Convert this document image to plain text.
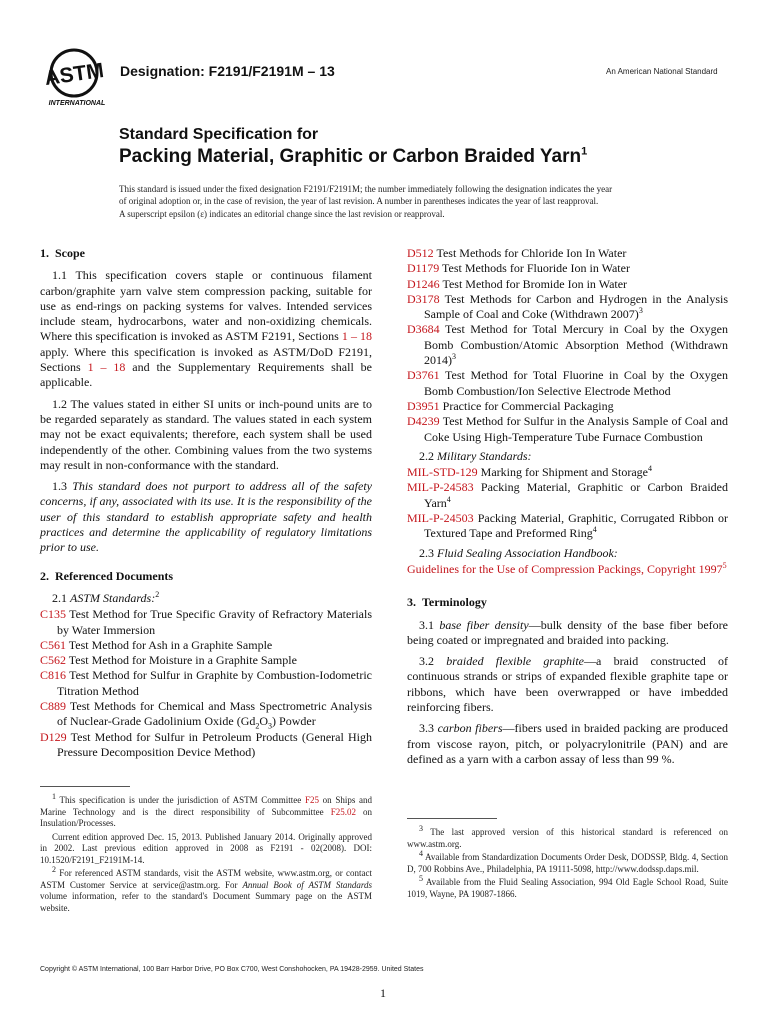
ASTM
INTERNATIONAL
Designation: F2191/F2191M – 13	An American National Standard
Standard Specification for
Packing Material, Graphitic or Carbon Braided Yarn$^1$
This standard is issued under the fixed designation F2191/F2191M; the number immediately following the designation indicates the year
of original adoption or, in the case of revision, the year of last revision. A number in parentheses indicates the year of last reapproval.
A superscript epsilon (ε) indicates an editorial change since the last revision or reapproval.
1. Scope

1.1 This specification covers staple or continuous filament carbon/graphite yarn valve stem compression packing, suitable for use as end-rings on packing systems for valves. Intended services include steam, hydrocarbons, water and non-oxidizing chemicals. Where this specification is invoked as ASTM F2191, Sections 1 – 18 apply. Where this specification is invoked as ASTM/DoD F2191, Sections 1 – 18 and the Supplementary Requirements shall be applicable.

1.2 The values stated in either SI units or inch-pound units are to be regarded separately as standard. The values stated in each system may not be exact equivalents; therefore, each system shall be used independently of the other. Combining values from the two systems may result in non-conformance with the standard.

1.3 This standard does not purport to address all of the safety concerns, if any, associated with its use. It is the responsibility of the user of this standard to establish appropriate safety and health practices and determine the applicability of regulatory limitations prior to use.

2. Referenced Documents
2.1 ASTM Standards:$^2$
C135 Test Method for True Specific Gravity of Refractory Materials by Water Immersion
C561 Test Method for Ash in a Graphite Sample
C562 Test Method for Moisture in a Graphite Sample
C816 Test Method for Sulfur in Graphite by Combustion-Iodometric Titration Method
C889 Test Methods for Chemical and Mass Spectrometric Analysis of Nuclear-Grade Gadolinium Oxide $(Gd_2O_3)$ Powder
D129 Test Method for Sulfur in Petroleum Products (General High Pressure Decomposition Device Method)
D512 Test Methods for Chloride Ion In Water
D1179 Test Methods for Fluoride Ion in Water
D1246 Test Method for Bromide Ion in Water
D3178 Test Methods for Carbon and Hydrogen in the Analysis Sample of Coal and Coke (Withdrawn 2007)$^3$
D3684 Test Method for Total Mercury in Coal by the Oxygen Bomb Combustion/Atomic Absorption Method (Withdrawn 2014)$^3$
D3761 Test Method for Total Fluorine in Coal by the Oxygen Bomb Combustion/Ion Selective Electrode Method
D3951 Practice for Commercial Packaging
D4239 Test Method for Sulfur in the Analysis Sample of Coal and Coke Using High-Temperature Tube Furnace Combustion
2.2 Military Standards:
MIL-STD-129 Marking for Shipment and Storage$^4$
MIL-P-24583 Packing Material, Graphitic or Carbon Braided Yarn$^4$
MIL-P-24503 Packing Material, Graphitic, Corrugated Ribbon or Textured Tape and Preformed Ring$^4$
2.3 Fluid Sealing Association Handbook:
Guidelines for the Use of Compression Packings, Copyright 1997$^5$
3. Terminology

3.1 base fiber density—bulk density of the base fiber before being coated or impregnated and braided into packing.

3.2 braided flexible graphite—a braid constructed of continuous strands or strips of expanded flexible graphite tape or ribbons, which have been overwrapped or have imbedded reinforcing fibers.

3.3 carbon fibers—fibers used in braided packing are produced from viscose rayon, pitch, or polyacrylonitrile (PAN) and are defined as a yarn with a carbon assay of less than 99 %.

$^1$ This specification is under the jurisdiction of ASTM Committee F25 on Ships and Marine Technology and is the direct responsibility of Subcommittee F25.02 on Insulation/Processes.

Current edition approved Dec. 15, 2013. Published January 2014. Originally approved in 2002. Last previous edition approved in 2008 as F2191 - 02(2008). DOI: 10.1520/F2191_F2191M-14.

$^2$ For referenced ASTM standards, visit the ASTM website, www.astm.org, or contact ASTM Customer Service at service@astm.org. For Annual Book of ASTM Standards volume information, refer to the standard's Document Summary page on the ASTM website.

$^3$ The last approved version of this historical standard is referenced on www.astm.org.

$^4$ Available from Standardization Documents Order Desk, DODSSP, Bldg. 4, Section D, 700 Robbins Ave., Philadelphia, PA 19111-5098, http://www.dodssp.daps.mil.

$^5$ Available from the Fluid Sealing Association, 994 Old Eagle School Road, Suite 1019, Wayne, PA 19087-1866.

Copyright © ASTM International, 100 Barr Harbor Drive, PO Box C700, West Conshohocken, PA 19428-2959. United States
1
